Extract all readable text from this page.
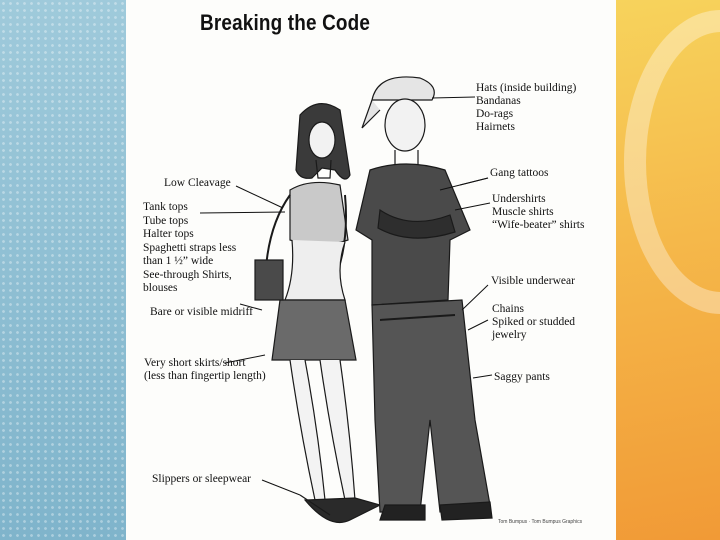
Breaking the Code
Hats (inside building)
Bandanas
Do-rags
Hairnets
Gang tattoos
Undershirts
Muscle shirts
“Wife-beater” shirts
Low Cleavage
Tank tops
Tube tops
Halter tops
Spaghetti straps less
than 1 ½” wide
See-through Shirts,
blouses
Bare or visible midriff
Visible underwear
Chains
Spiked or studded
jewelry
Very short skirts/short
(less than fingertip length)	Saggy pants
Slippers or sleepwear
Tom Bumpus · Tom Bumpus Graphics
